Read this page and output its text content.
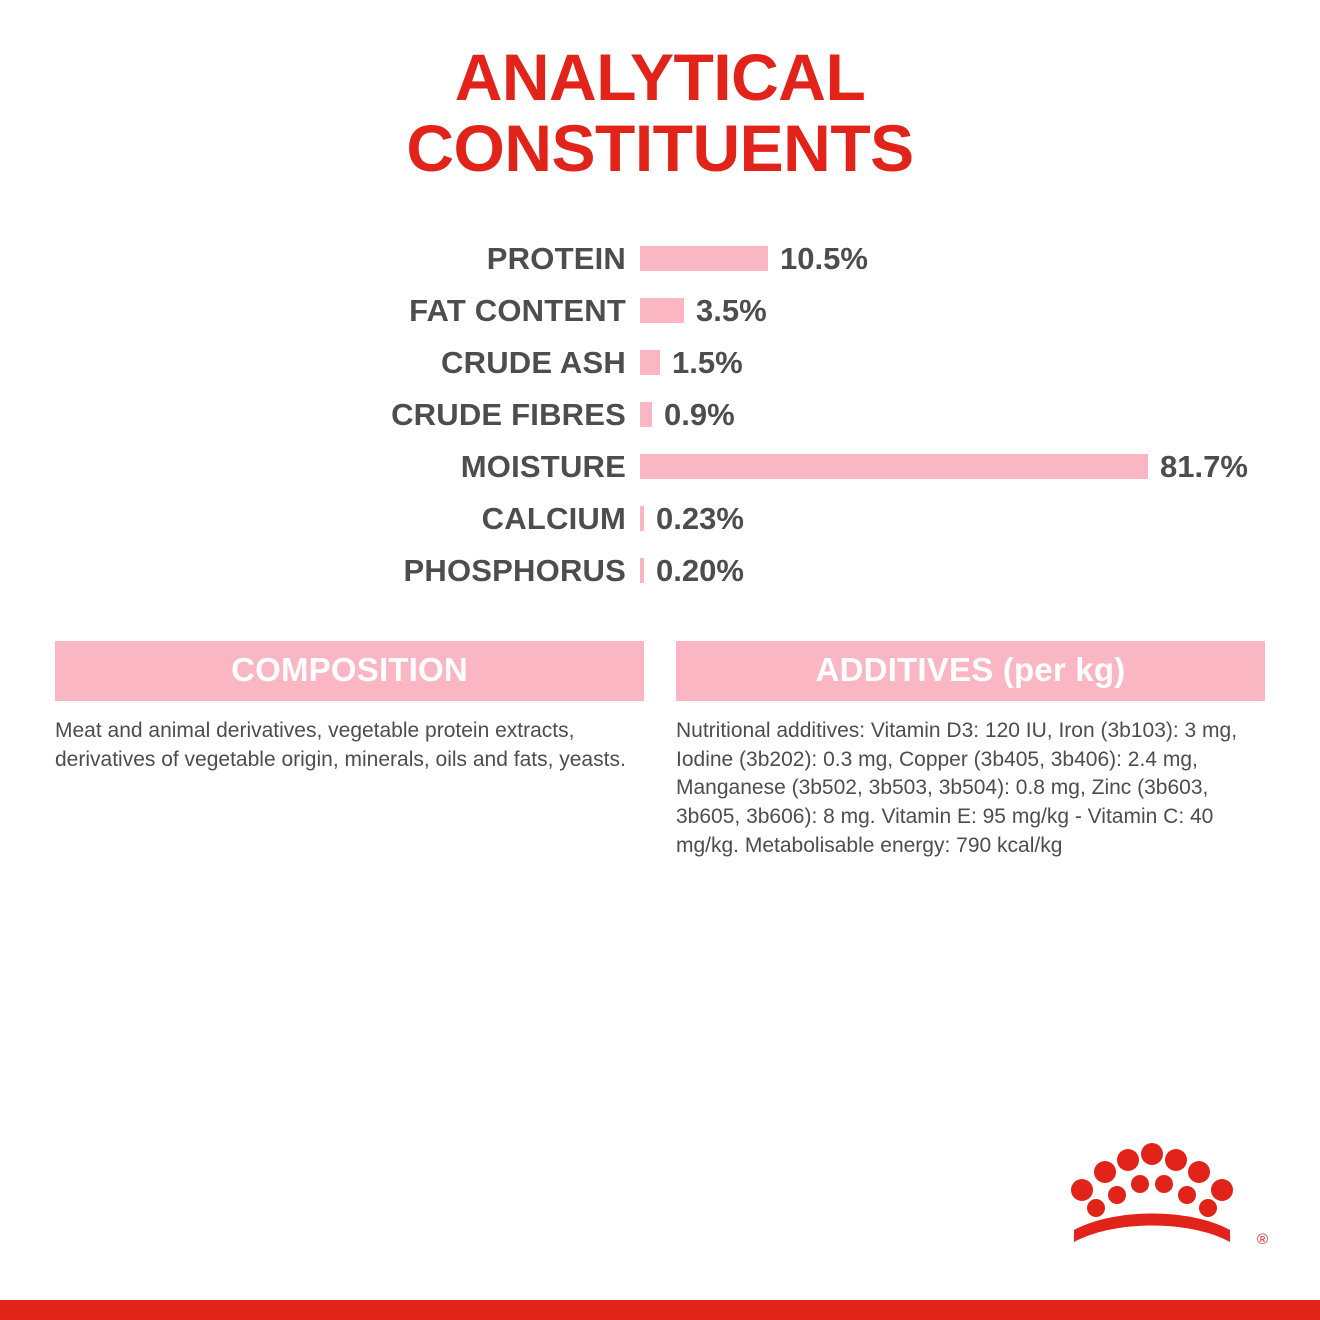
ANALYTICAL
CONSTITUENTS
PROTEIN	10.5%
FAT CONTENT	3.5%
CRUDE ASH	1.5%
CRUDE FIBRES	0.9%
MOISTURE	81.7%
CALCIUM 0.23%
PHOSPHORUS 0.20%
COMPOSITION
Meat and animal derivatives, vegetable protein extracts, derivatives of vegetable origin, minerals, oils and fats, yeasts.
ADDITIVES (per kg)
Nutritional additives: Vitamin D3: 120 IU, Iron (3b103): 3 mg, Iodine (3b202): 0.3 mg, Copper (3b405, 3b406): 2.4 mg, Manganese (3b502, 3b503, 3b504): 0.8 mg, Zinc (3b603, 3b605, 3b606): 8 mg. Vitamin E: 95 mg/kg - Vitamin C: 40 mg/kg. Metabolisable energy: 790 kcal/kg
®
